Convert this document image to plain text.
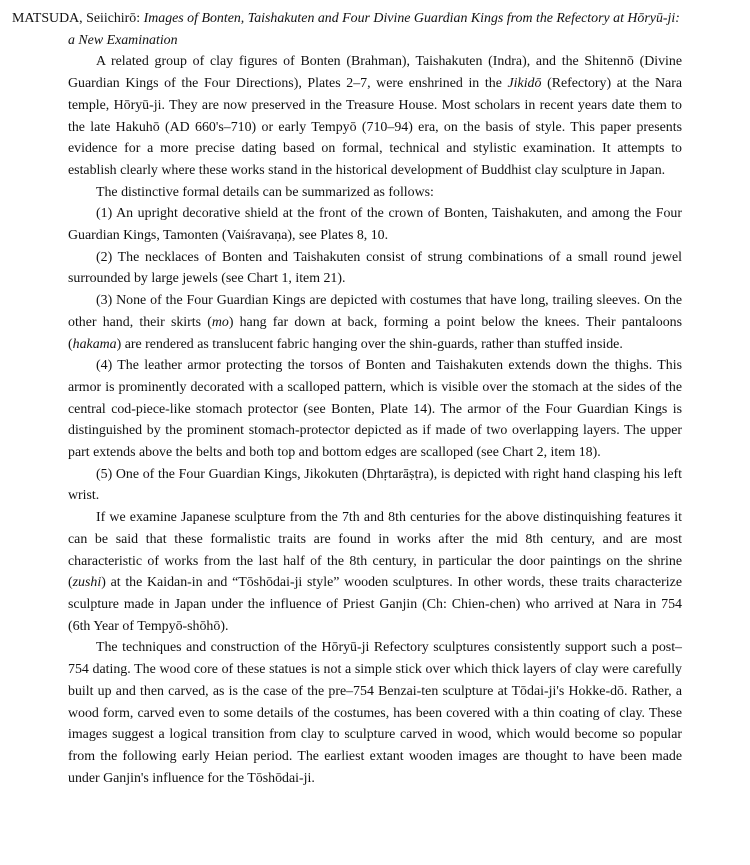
MATSUDA, Seiichirō: Images of Bonten, Taishakuten and Four Divine Guardian Kings from the Refectory at Hōryū-ji: a New Examination

A related group of clay figures of Bonten (Brahman), Taishakuten (Indra), and the Shitennō (Divine Guardian Kings of the Four Directions), Plates 2–7, were enshrined in the Jikidō (Refectory) at the Nara temple, Hōryū-ji. They are now preserved in the Treasure House. Most scholars in recent years date them to the late Hakuhō (AD 660's–710) or early Tempyō (710–94) era, on the basis of style. This paper presents evidence for a more precise dating based on formal, technical and stylistic examination. It attempts to establish clearly where these works stand in the historical development of Buddhist clay sculpture in Japan.

The distinctive formal details can be summarized as follows:

(1) An upright decorative shield at the front of the crown of Bonten, Taishakuten, and among the Four Guardian Kings, Tamonten (Vaiśravaṇa), see Plates 8, 10.

(2) The necklaces of Bonten and Taishakuten consist of strung combinations of a small round jewel surrounded by large jewels (see Chart 1, item 21).

(3) None of the Four Guardian Kings are depicted with costumes that have long, trailing sleeves. On the other hand, their skirts (mo) hang far down at back, forming a point below the knees. Their pantaloons (hakama) are rendered as translucent fabric hanging over the shin-guards, rather than stuffed inside.

(4) The leather armor protecting the torsos of Bonten and Taishakuten extends down the thighs. This armor is prominently decorated with a scalloped pattern, which is visible over the stomach at the sides of the central cod-piece-like stomach protector (see Bonten, Plate 14). The armor of the Four Guardian Kings is distinguished by the prominent stomach-protector depicted as if made of two overlapping layers. The upper part extends above the belts and both top and bottom edges are scalloped (see Chart 2, item 18).

(5) One of the Four Guardian Kings, Jikokuten (Dhṛtarāṣṭra), is depicted with right hand clasping his left wrist.

If we examine Japanese sculpture from the 7th and 8th centuries for the above distinquishing features it can be said that these formalistic traits are found in works after the mid 8th century, and are most characteristic of works from the last half of the 8th century, in particular the door paintings on the shrine (zushi) at the Kaidan-in and “Tōshōdai-ji style” wooden sculptures. In other words, these traits characterize sculpture made in Japan under the influence of Priest Ganjin (Ch: Chien-chen) who arrived at Nara in 754 (6th Year of Tempyō-shōhō).

The techniques and construction of the Hōryū-ji Refectory sculptures consistently support such a post–754 dating. The wood core of these statues is not a simple stick over which thick layers of clay were carefully built up and then carved, as is the case of the pre–754 Benzai-ten sculpture at Tōdai-ji's Hokke-dō. Rather, a wood form, carved even to some details of the costumes, has been covered with a thin coating of clay. These images suggest a logical transition from clay to sculpture carved in wood, which would become so popular from the following early Heian period. The earliest extant wooden images are thought to have been made under Ganjin's influence for the Tōshōdai-ji.
